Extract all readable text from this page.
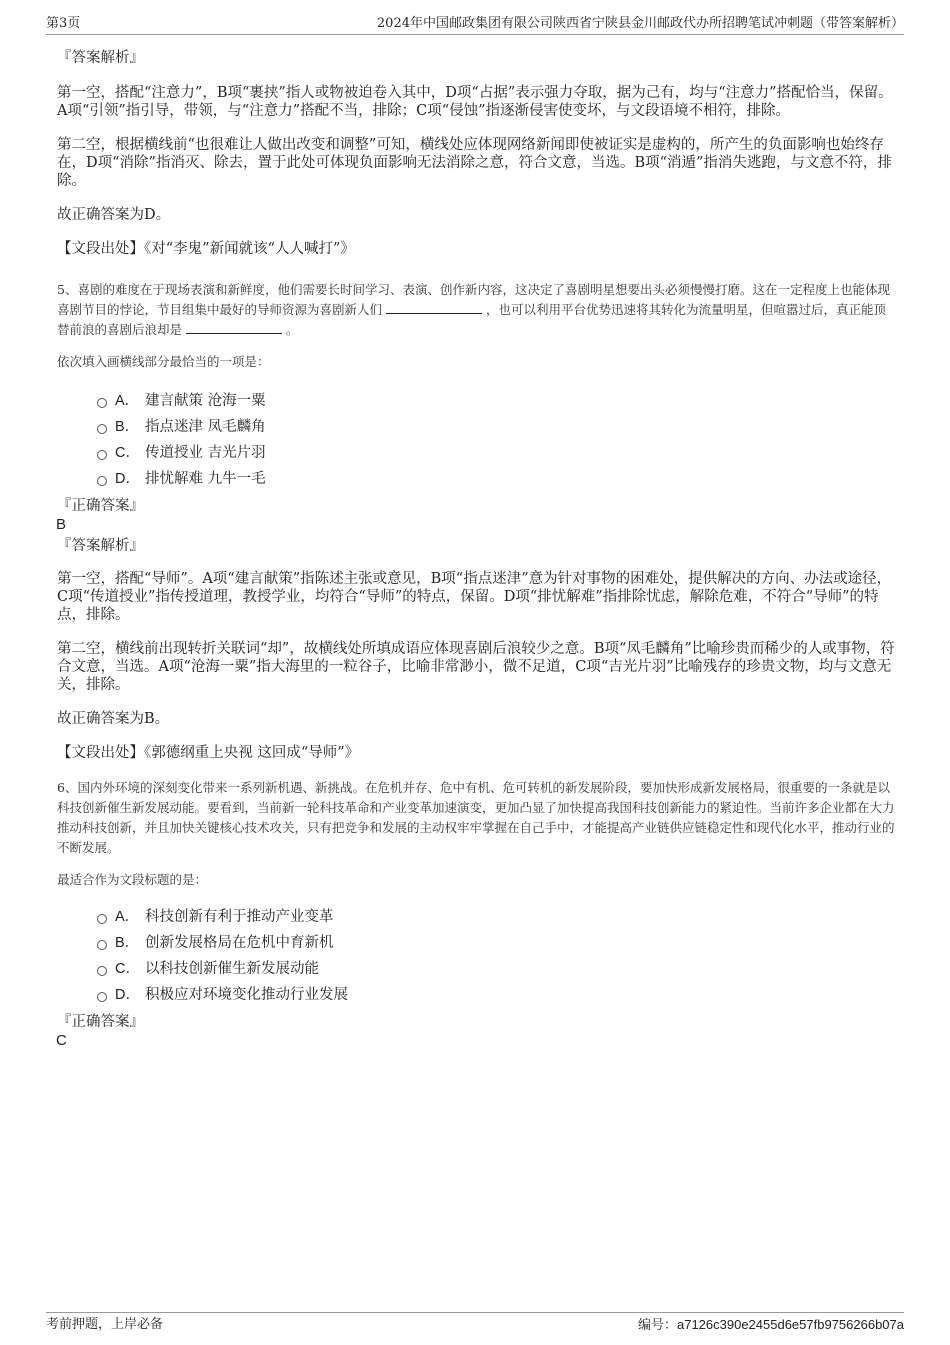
第3页	2024年中国邮政集团有限公司陕西省宁陕县金川邮政代办所招聘笔试冲刺题（带答案解析）

『答案解析』

第一空，搭配“注意力”，B项“裹挟”指人或物被迫卷入其中，D项“占据”表示强力夺取，据为己有，均与“注意力”搭配恰当，保留。A项“引领”指引导，带领，与“注意力”搭配不当，排除；C项“侵蚀”指逐渐侵害使变坏，与文段语境不相符，排除。

第二空，根据横线前“也很难让人做出改变和调整”可知，横线处应体现网络新闻即使被证实是虚构的，所产生的负面影响也始终存在，D项“消除”指消灭、除去，置于此处可体现负面影响无法消除之意，符合文意，当选。B项“消遁”指消失逃跑，与文意不符，排除。

故正确答案为D。

【文段出处】《对“李鬼”新闻就该“人人喊打”》

5、喜剧的难度在于现场表演和新鲜度，他们需要长时间学习、表演、创作新内容，这决定了喜剧明星想要出头必须慢慢打磨。这在一定程度上也能体现喜剧节目的悖论，节目组集中最好的导师资源为喜剧新人们	，也可以利用平台优势迅速将其转化为流量明星，但喧嚣过后，真正能顶替前浪的喜剧后浪却是	。

依次填入画横线部分最恰当的一项是：

A． 建言献策 沧海一粟
B． 指点迷津 凤毛麟角
C． 传道授业 吉光片羽
D． 排忧解难 九牛一毛

『正确答案』

B

『答案解析』

第一空，搭配“导师”。A项“建言献策”指陈述主张或意见，B项“指点迷津”意为针对事物的困难处，提供解决的方向、办法或途径，C项“传道授业”指传授道理，教授学业，均符合“导师”的特点，保留。D项“排忧解难”指排除忧虑，解除危难，不符合“导师”的特点，排除。

第二空，横线前出现转折关联词“却”，故横线处所填成语应体现喜剧后浪较少之意。B项“凤毛麟角”比喻珍贵而稀少的人或事物，符合文意，当选。A项“沧海一粟”指大海里的一粒谷子，比喻非常渺小，微不足道，C项“吉光片羽”比喻残存的珍贵文物，均与文意无关，排除。

故正确答案为B。

【文段出处】《郭德纲重上央视 这回成“导师”》

6、国内外环境的深刻变化带来一系列新机遇、新挑战。在危机并存、危中有机、危可转机的新发展阶段，要加快形成新发展格局，很重要的一条就是以科技创新催生新发展动能。要看到，当前新一轮科技革命和产业变革加速演变，更加凸显了加快提高我国科技创新能力的紧迫性。当前许多企业都在大力推动科技创新，并且加快关键核心技术攻关，只有把竞争和发展的主动权牢牢掌握在自己手中，才能提高产业链供应链稳定性和现代化水平，推动行业的不断发展。

最适合作为文段标题的是：

A． 科技创新有利于推动产业变革
B． 创新发展格局在危机中育新机
C． 以科技创新催生新发展动能
D． 积极应对环境变化推动行业发展

『正确答案』

C

考前押题，上岸必备	编号：a7126c390e2455d6e57fb9756266b07a
